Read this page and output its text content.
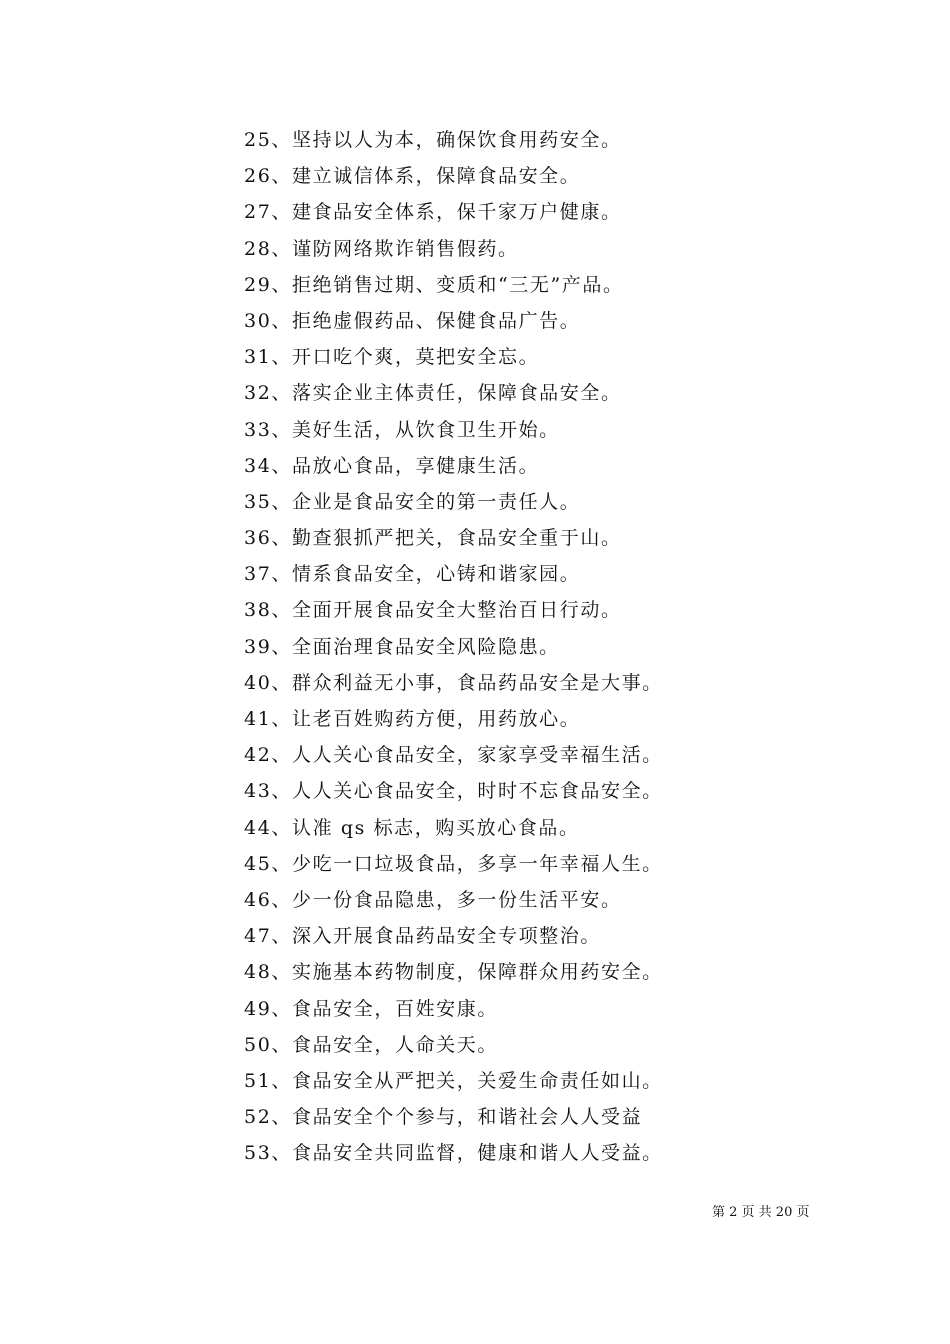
25、坚持以人为本，确保饮食用药安全。
26、建立诚信体系，保障食品安全。
27、建食品安全体系，保千家万户健康。
28、谨防网络欺诈销售假药。
29、拒绝销售过期、变质和“三无”产品。
30、拒绝虚假药品、保健食品广告。
31、开口吃个爽，莫把安全忘。
32、落实企业主体责任，保障食品安全。
33、美好生活，从饮食卫生开始。
34、品放心食品，享健康生活。
35、企业是食品安全的第一责任人。
36、勤查狠抓严把关，食品安全重于山。
37、情系食品安全，心铸和谐家园。
38、全面开展食品安全大整治百日行动。
39、全面治理食品安全风险隐患。
40、群众利益无小事，食品药品安全是大事。
41、让老百姓购药方便，用药放心。
42、人人关心食品安全，家家享受幸福生活。
43、人人关心食品安全，时时不忘食品安全。
44、认准 qs 标志，购买放心食品。
45、少吃一口垃圾食品，多享一年幸福人生。
46、少一份食品隐患，多一份生活平安。
47、深入开展食品药品安全专项整治。
48、实施基本药物制度，保障群众用药安全。
49、食品安全，百姓安康。
50、食品安全，人命关天。
51、食品安全从严把关，关爱生命责任如山。
52、食品安全个个参与，和谐社会人人受益
53、食品安全共同监督，健康和谐人人受益。
第 2 页 共 20 页
